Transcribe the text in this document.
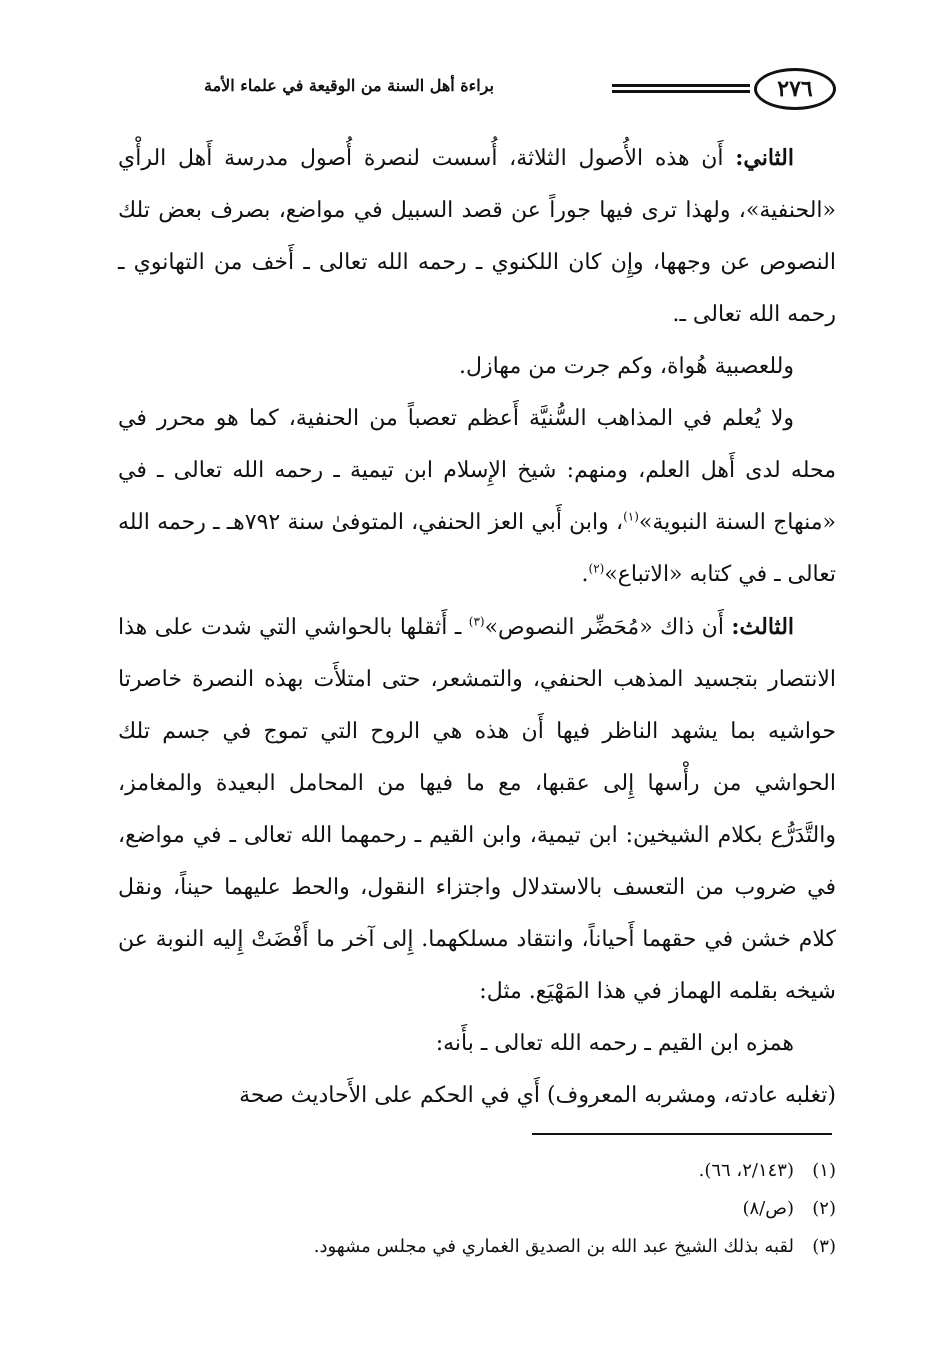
٢٧٦
براءة أهل السنة من الوقيعة في علماء الأمة

الثاني: أَن هذه الأُصول الثلاثة، أُسست لنصرة أُصول مدرسة أَهل الرأْي «الحنفية»، ولهذا ترى فيها جوراً عن قصد السبيل في مواضع، بصرف بعض تلك النصوص عن وجهها، وإِن كان اللكنوي ـ رحمه الله تعالى ـ أَخف من التهانوي ـ رحمه الله تعالى ـ.

وللعصبية هُواة، وكم جرت من مهازل.

ولا يُعلم في المذاهب السُّنيَّة أَعظم تعصباً من الحنفية، كما هو محرر في محله لدى أَهل العلم، ومنهم: شيخ الإِسلام ابن تيمية ـ رحمه الله تعالى ـ في «منهاج السنة النبوية»$^{(١)}$، وابن أَبي العز الحنفي، المتوفىٰ سنة ٧٩٢هـ ـ رحمه الله تعالى ـ في كتابه «الاتباع»$^{(٢)}$.

الثالث: أَن ذاك «مُحَضِّر النصوص»$^{(٣)}$ ـ أَثقلها بالحواشي التي شدت على هذا الانتصار بتجسيد المذهب الحنفي، والتمشعر، حتى امتلأَت بهذه النصرة خاصرتا حواشيه بما يشهد الناظر فيها أَن هذه هي الروح التي تموج في جسم تلك الحواشي من رأْسها إِلى عقبها، مع ما فيها من المحامل البعيدة والمغامز، والتَّدَرُّع بكلام الشيخين: ابن تيمية، وابن القيم ـ رحمهما الله تعالى ـ في مواضع، في ضروب من التعسف بالاستدلال واجتزاء النقول، والحط عليهما حيناً، ونقل كلام خشن في حقهما أَحياناً، وانتقاد مسلكهما. إِلى آخر ما أَفْضَتْ إِليه النوبة عن شيخه بقلمه الهماز في هذا المَهْيَع. مثل:

همزه ابن القيم ـ رحمه الله تعالى ـ بأَنه:

(تغلبه عادته، ومشربه المعروف) أَي في الحكم على الأَحاديث صحة

(١)
(٢/١٤٣، ٦٦).
(٢)
(ص/٨)
(٣)
لقبه بذلك الشيخ عبد الله بن الصديق الغماري في مجلس مشهود.
